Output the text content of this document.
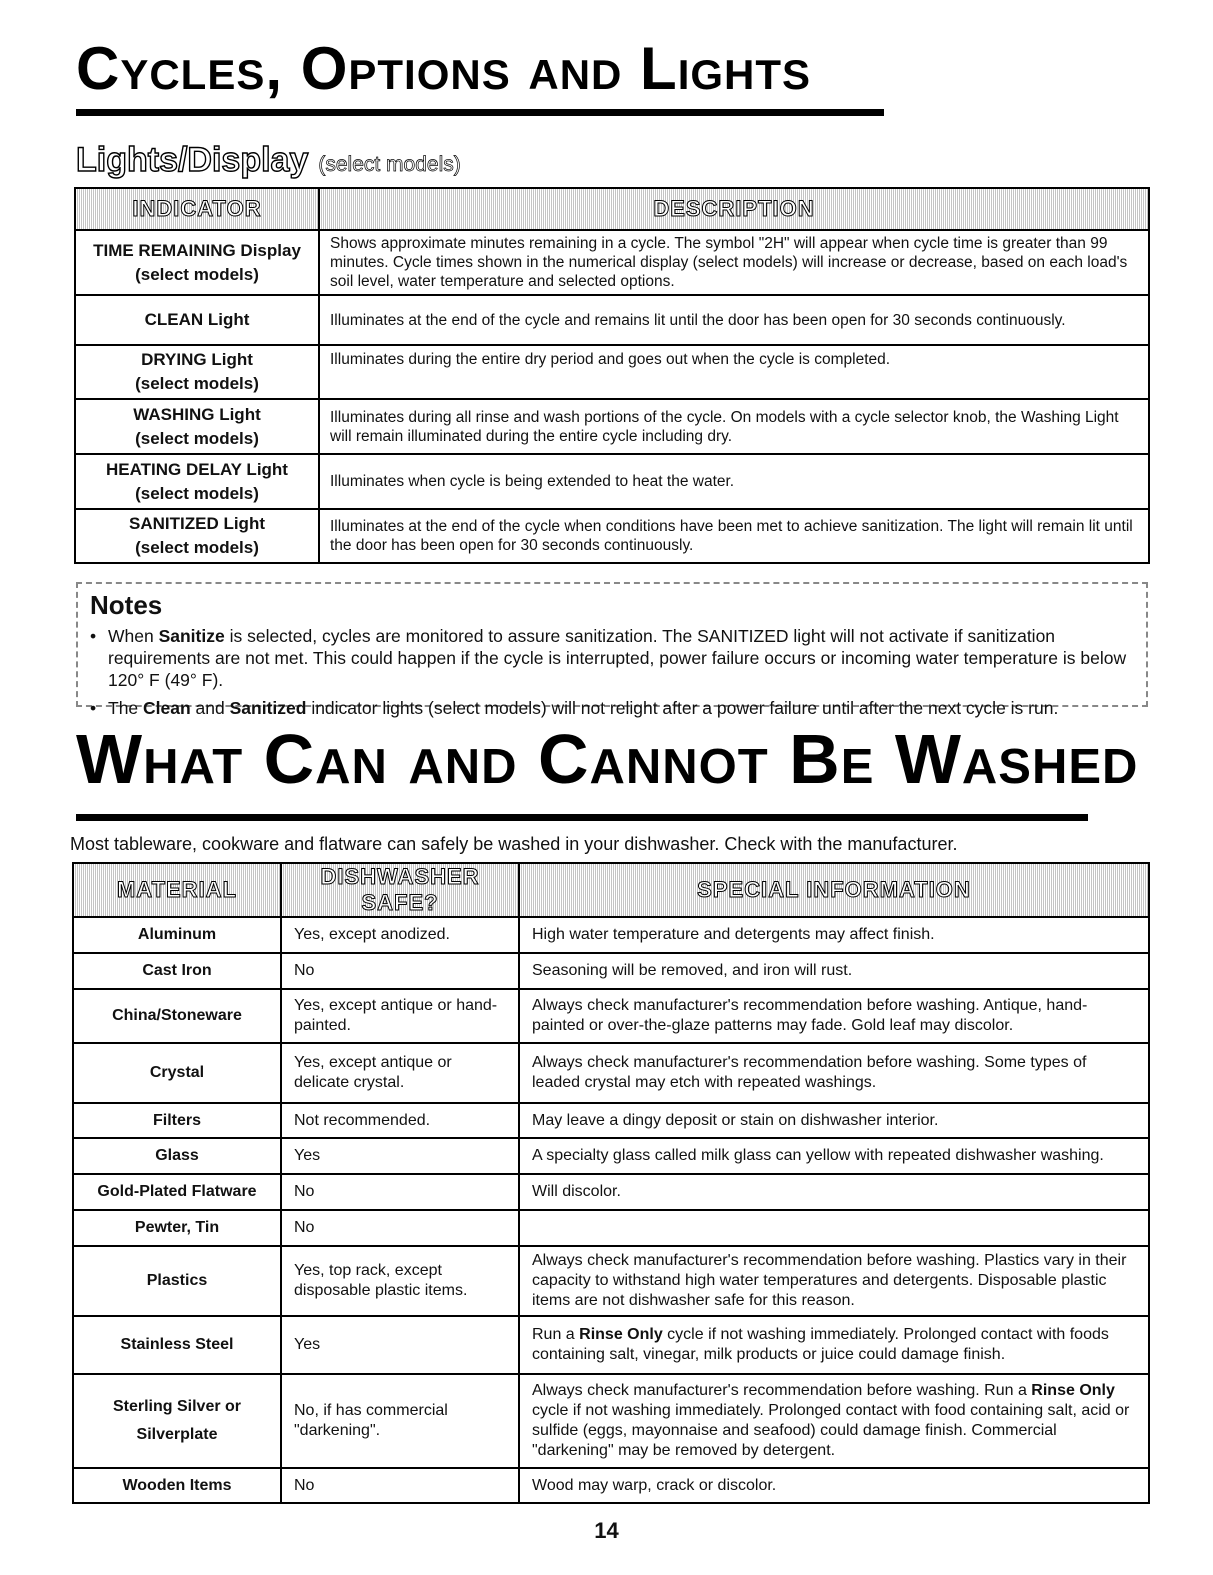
Cycles, Options and Lights
Lights/Display (select models)
INDICATOR	DESCRIPTION

TIME REMAINING Display
(select models)	Shows approximate minutes remaining in a cycle. The symbol "2H" will appear when cycle time is greater than 99 minutes. Cycle times shown in the numerical display (select models) will increase or decrease, based on each load's soil level, water temperature and selected options.

CLEAN Light	Illuminates at the end of the cycle and remains lit until the door has been open for 30 seconds continuously.

DRYING Light
(select models)	Illuminates during the entire dry period and goes out when the cycle is completed.

WASHING Light
(select models)	Illuminates during all rinse and wash portions of the cycle. On models with a cycle selector knob, the Washing Light will remain illuminated during the entire cycle including dry.

HEATING DELAY Light
(select models)	Illuminates when cycle is being extended to heat the water.

SANITIZED Light
(select models)	Illuminates at the end of the cycle when conditions have been met to achieve sanitization. The light will remain lit until the door has been open for 30 seconds continuously.
Notes
• When Sanitize is selected, cycles are monitored to assure sanitization. The SANITIZED light will not activate if sanitization requirements are not met. This could happen if the cycle is interrupted, power failure occurs or incoming water temperature is below 120° F (49° F).
• The Clean and Sanitized indicator lights (select models) will not relight after a power failure until after the next cycle is run.
What Can and Cannot Be Washed
Most tableware, cookware and flatware can safely be washed in your dishwasher. Check with the manufacturer.
MATERIAL	DISHWASHER SAFE?	SPECIAL INFORMATION
Aluminum	Yes, except anodized.	High water temperature and detergents may affect finish.
Cast Iron	No	Seasoning will be removed, and iron will rust.
China/Stoneware	Yes, except antique or hand-painted.	Always check manufacturer's recommendation before washing. Antique, hand-painted or over-the-glaze patterns may fade. Gold leaf may discolor.
Crystal	Yes, except antique or delicate crystal.	Always check manufacturer's recommendation before washing. Some types of leaded crystal may etch with repeated washings.
Filters	Not recommended.	May leave a dingy deposit or stain on dishwasher interior.
Glass	Yes	A specialty glass called milk glass can yellow with repeated dishwasher washing.
Gold-Plated Flatware	No	Will discolor.
Pewter, Tin	No	
Plastics	Yes, top rack, except disposable plastic items.	Always check manufacturer's recommendation before washing. Plastics vary in their capacity to withstand high water temperatures and detergents. Disposable plastic items are not dishwasher safe for this reason.
Stainless Steel	Yes	Run a Rinse Only cycle if not washing immediately. Prolonged contact with foods containing salt, vinegar, milk products or juice could damage finish.
Sterling Silver or Silverplate	No, if has commercial "darkening".	Always check manufacturer's recommendation before washing. Run a Rinse Only cycle if not washing immediately. Prolonged contact with food containing salt, acid or sulfide (eggs, mayonnaise and seafood) could damage finish. Commercial "darkening" may be removed by detergent.
Wooden Items	No	Wood may warp, crack or discolor.
14
